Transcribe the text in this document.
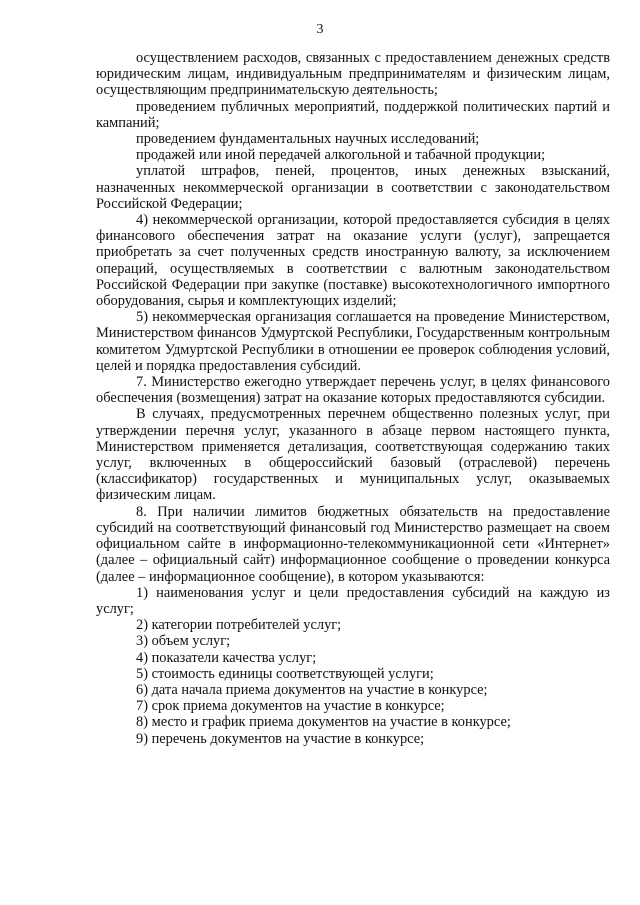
3

осуществлением расходов, связанных с предоставлением денежных средств юридическим лицам, индивидуальным предпринимателям и физическим лицам, осуществляющим предпринимательскую деятельность;

проведением публичных мероприятий, поддержкой политических партий и кампаний;

проведением фундаментальных научных исследований;

продажей или иной передачей алкогольной и табачной продукции;

уплатой штрафов, пеней, процентов, иных денежных взысканий, назначенных некоммерческой организации в соответствии с законодательством Российской Федерации;

4) некоммерческой организации, которой предоставляется субсидия в целях финансового обеспечения затрат на оказание услуги (услуг), запрещается приобретать за счет полученных средств иностранную валюту, за исключением операций, осуществляемых в соответствии с валютным законодательством Российской Федерации при закупке (поставке) высокотехнологичного импортного оборудования, сырья и комплектующих изделий;

5) некоммерческая организация соглашается на проведение Министерством, Министерством финансов Удмуртской Республики, Государственным контрольным комитетом Удмуртской Республики в отношении ее проверок соблюдения условий, целей и порядка предоставления субсидий.

7. Министерство ежегодно утверждает перечень услуг, в целях финансового обеспечения (возмещения) затрат на оказание которых предоставляются субсидии.

В случаях, предусмотренных перечнем общественно полезных услуг, при утверждении перечня услуг, указанного в абзаце первом настоящего пункта, Министерством применяется детализация, соответствующая содержанию таких услуг, включенных в общероссийский базовый (отраслевой) перечень (классификатор) государственных и муниципальных услуг, оказываемых физическим лицам.

8. При наличии лимитов бюджетных обязательств на предоставление субсидий на соответствующий финансовый год Министерство размещает на своем официальном сайте в информационно-телекоммуникационной сети «Интернет» (далее – официальный сайт) информационное сообщение о проведении конкурса (далее – информационное сообщение), в котором указываются:

1) наименования услуг и цели предоставления субсидий на каждую из услуг;

2) категории потребителей услуг;

3) объем услуг;

4) показатели качества услуг;

5) стоимость единицы соответствующей услуги;

6) дата начала приема документов на участие в конкурсе;

7) срок приема документов на участие в конкурсе;

8) место и график приема документов на участие в конкурсе;

9) перечень документов на участие в конкурсе;
